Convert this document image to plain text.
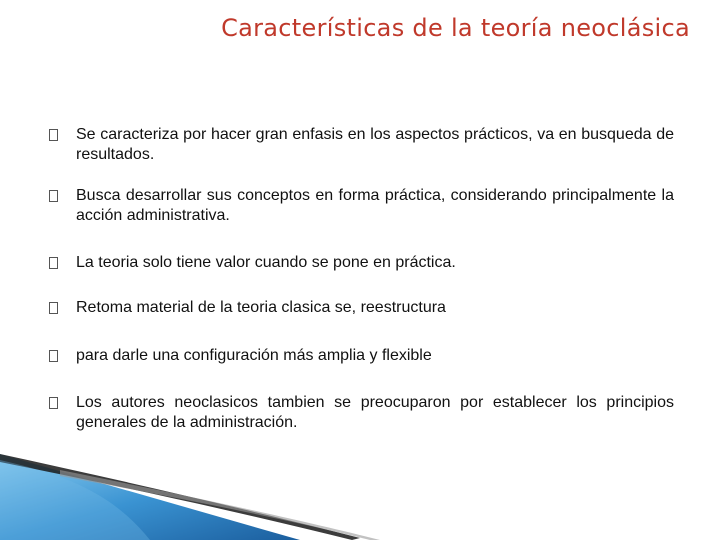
Características de la teoría neoclásica
Se caracteriza por hacer gran enfasis en los aspectos prácticos, va en busqueda de resultados.
Busca desarrollar sus conceptos en forma práctica, considerando principalmente la acción administrativa.
La teoria solo tiene valor cuando se pone en práctica.
Retoma material de la teoria clasica se, reestructura
para darle una configuración más amplia y flexible
Los autores neoclasicos tambien se preocuparon por establecer los principios generales de la administración.
